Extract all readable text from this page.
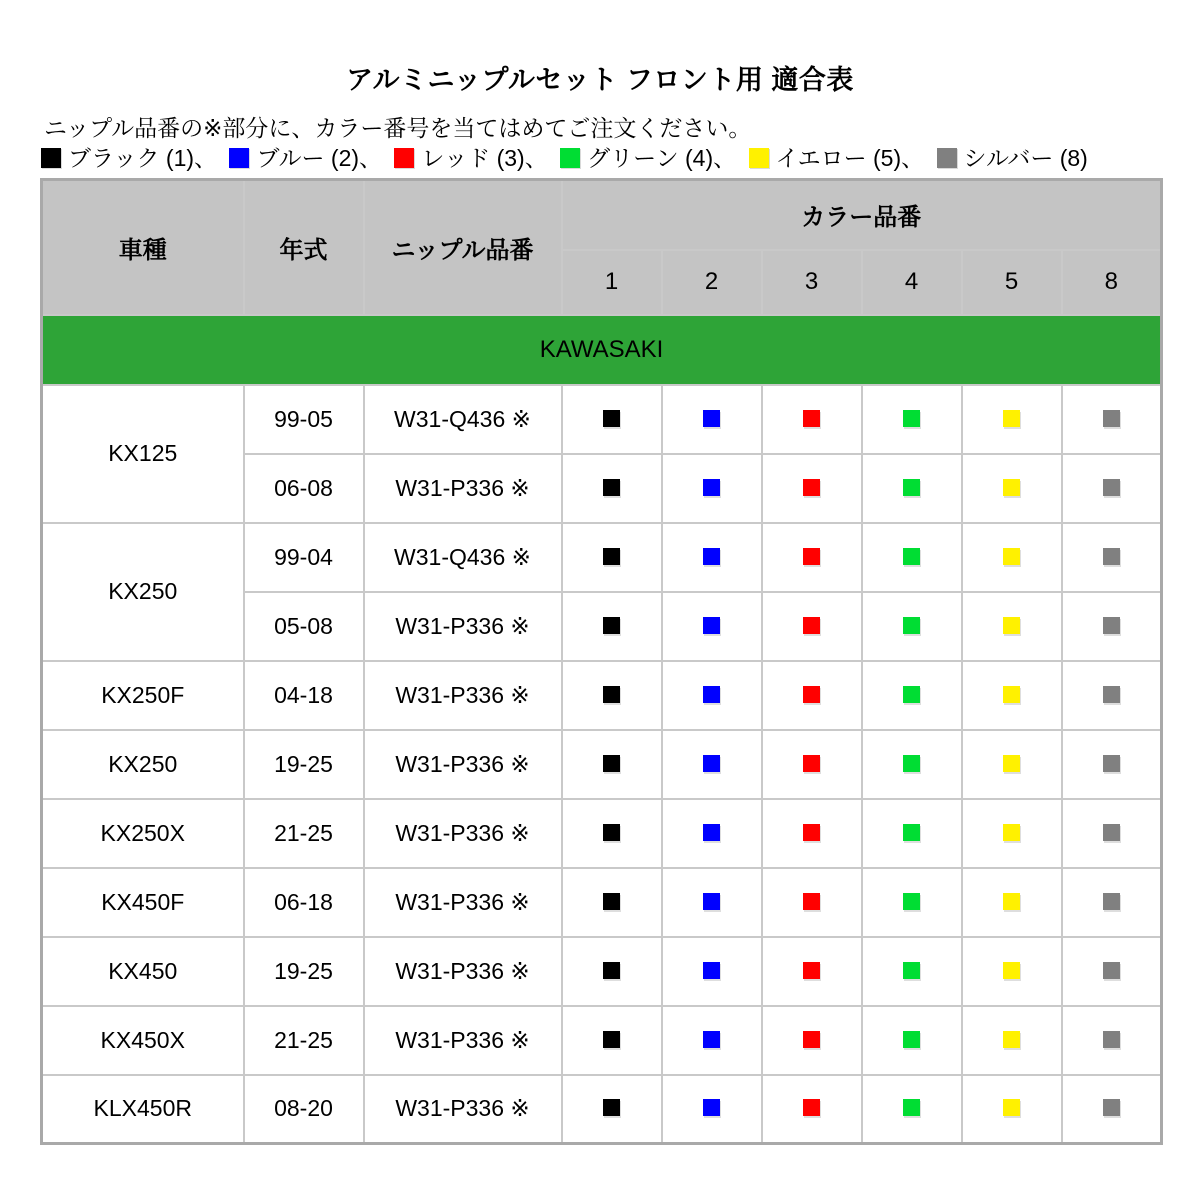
アルミニップルセット フロント用 適合表
ニップル品番の※部分に、カラー番号を当てはめてご注文ください。
ブラック (1)、 ブルー (2)、 レッド (3)、 グリーン (4)、 イエロー (5)、 シルバー (8)
車種	年式	ニップル品番	カラー品番					
			1	2	3	4	5	8
KAWASAKI								
KX125	99-05	W31-Q436 ※						
	06-08	W31-P336 ※						
KX250	99-04	W31-Q436 ※						
	05-08	W31-P336 ※						
KX250F	04-18	W31-P336 ※						
KX250	19-25	W31-P336 ※						
KX250X	21-25	W31-P336 ※						
KX450F	06-18	W31-P336 ※						
KX450	19-25	W31-P336 ※						
KX450X	21-25	W31-P336 ※						
KLX450R	08-20	W31-P336 ※						
